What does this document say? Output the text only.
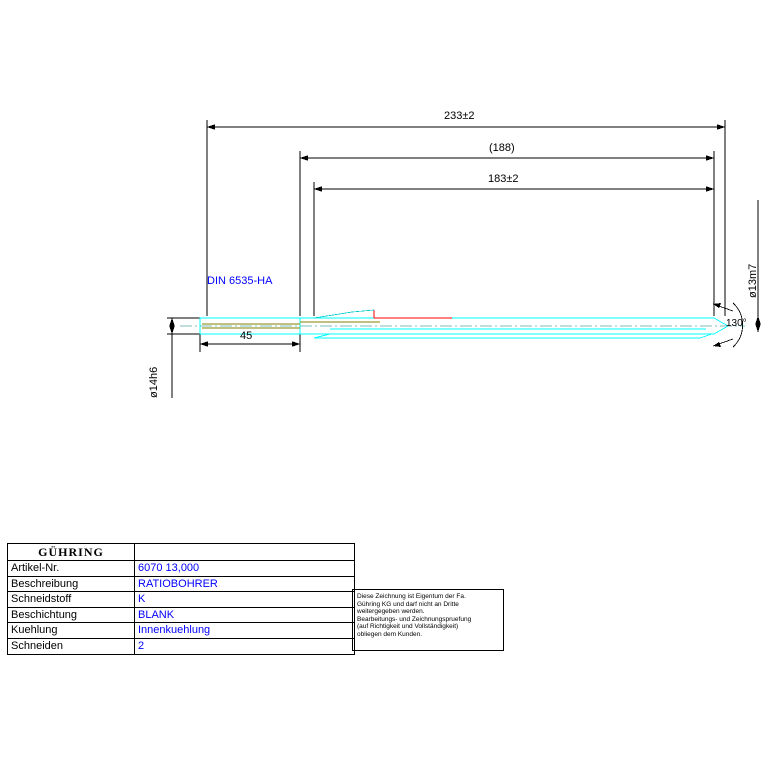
233±2
(188)
183±2
45
130°
DIN 6535-HA
ø14h6
ø13m7
GÜHRING
Artikel-Nr.	6070 13,000
Beschreibung	RATIOBOHRER
Schneidstoff	K
Beschichtung	BLANK
Kuehlung	Innenkuehlung
Schneiden	2
Diese Zeichnung ist Eigentum der Fa.
Gühring KG und darf nicht an Dritte
weitergegeben werden.
Bearbeitungs- und Zeichnungspruefung
(auf Richtigkeit und Vollständigkeit)
obliegen dem Kunden.
